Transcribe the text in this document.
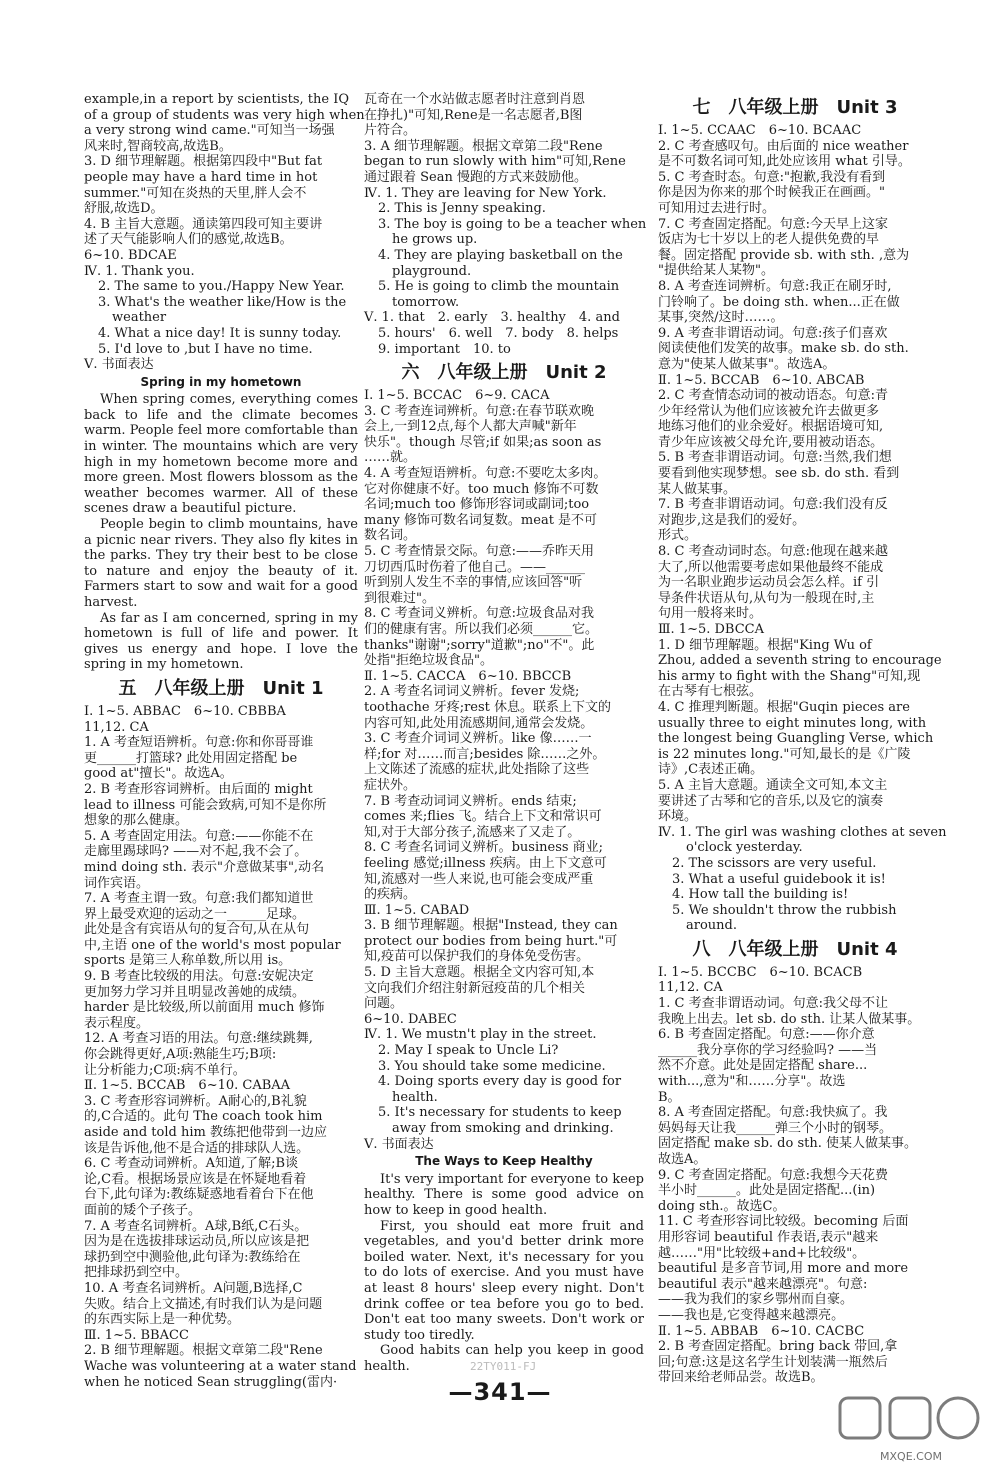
example,in a report by scientists, the IQ
of a group of students was very high when
a very strong wind came."可知当一场强
风来时,智商较高,故选B。
3. D 细节理解题。根据第四段中"But fat
people may have a hard time in hot
summer."可知在炎热的天里,胖人会不
舒服,故选D。
4. B 主旨大意题。通读第四段可知主要讲
述了天气能影响人们的感觉,故选B。
6~10. BDCAE
Ⅳ. 1. Thank you.
2. The same to you./Happy New Year.
3. What's the weather like/How is the
weather
4. What a nice day! It is sunny today.
5. I'd love to ,but I have no time.
Ⅴ. 书面表达
Spring in my hometown
When spring comes, everything comes back to life and the climate becomes warm. People feel more comfortable than in winter. The mountains which are very high in my hometown become more and more green. Most flowers blossom as the weather becomes warmer. All of these scenes draw a beautiful picture.
People begin to climb mountains, have a picnic near rivers. They also fly kites in the parks. They try their best to be close to nature and enjoy the beauty of it. Farmers start to sow and wait for a good harvest.
As far as I am concerned, spring in my hometown is full of life and power. It gives us energy and hope. I love the spring in my hometown.
五　八年级上册　Unit 1
Ⅰ. 1~5. ABBAC　6~10. CBBBA
11,12. CA
1. A 考查短语辨析。句意:你和你哥哥谁
更______打篮球? 此处用固定搭配 be
good at"擅长"。故选A。
2. B 考查形容词辨析。由后面的 might
lead to illness 可能会致病,可知不是你所
想象的那么健康。
5. A 考查固定用法。句意:——你能不在
走廊里踢球吗? ——对不起,我不会了。
mind doing sth. 表示"介意做某事",动名
词作宾语。
7. A 考查主谓一致。句意:我们都知道世
界上最受欢迎的运动之一______足球。
此处是含有宾语从句的复合句,从在从句
中,主语 one of the world's most popular
sports 是第三人称单数,所以用 is。
9. B 考查比较级的用法。句意:安妮决定
更加努力学习并且明显改善她的成绩。
harder 是比较级,所以前面用 much 修饰
表示程度。
12. A 考查习语的用法。句意:继续跳舞,
你会跳得更好,A项:熟能生巧;B项:
让分析能力;C项:病不单行。
Ⅱ. 1~5. BCCAB　6~10. CABAA
3. C 考查形容词辨析。A耐心的,B礼貌
的,C合适的。此句 The coach took him
aside and told him 教练把他带到一边应
该是告诉他,他不是合适的排球队人选。
6. C 考查动词辨析。A知道,了解;B谈
论,C看。根据场景应该是在怀疑地看着
台下,此句译为:教练疑惑地看着台下在他
面前的矮个子孩子。
7. A 考查名词辨析。A球,B纸,C石头。
因为是在选拔排球运动员,所以应该是把
球扔到空中测验他,此句译为:教练给在
把排球扔到空中。
10. A 考查名词辨析。A问题,B选择,C
失败。结合上文描述,有时我们认为是问题
的东西实际上是一种优势。
Ⅲ. 1~5. BBACC
2. B 细节理解题。根据文章第二段"Rene
Wache was volunteering at a water stand
when he noticed Sean struggling(雷内·
瓦奇在一个水站做志愿者时注意到肖恩
在挣扎)"可知,Rene是一名志愿者,B图
片符合。
3. A 细节理解题。根据文章第二段"Rene
began to run slowly with him"可知,Rene
通过跟着 Sean 慢跑的方式来鼓励他。
Ⅳ. 1. They are leaving for New York.
2. This is Jenny speaking.
3. The boy is going to be a teacher when
he grows up.
4. They are playing basketball on the
playground.
5. He is going to climb the mountain
tomorrow.
Ⅴ. 1. that　2. early　3. healthy　4. and
5. hours'　6. well　7. body　8. helps
9. important　10. to
六　八年级上册　Unit 2
Ⅰ. 1~5. BCCAC　6~9. CACA
3. C 考查连词辨析。句意:在春节联欢晚
会上,一到12点,每个人都大声喊"新年
快乐"。though 尽管;if 如果;as soon as
……就。
4. A 考查短语辨析。句意:不要吃太多肉。
它对你健康不好。too much 修饰不可数
名词;much too 修饰形容词或副词;too
many 修饰可数名词复数。meat 是不可
数名词。
5. C 考查情景交际。句意:——乔昨天用
刀切西瓜时伤着了他自己。——______
听到别人发生不幸的事情,应该回答"听
到很难过"。
8. C 考查词义辨析。句意:垃圾食品对我
们的健康有害。所以我们必须______它。
thanks"谢谢";sorry"道歉";no"不"。此
处指"拒绝垃圾食品"。
Ⅱ. 1~5. CACCA　6~10. BBCCB
2. A 考查名词词义辨析。fever 发烧;
toothache 牙疼;rest 休息。联系上下文的
内容可知,此处用流感期间,通常会发烧。
3. C 考查介词词义辨析。like 像……一
样;for 对……而言;besides 除……之外。
上文陈述了流感的症状,此处指除了这些
症状外。
7. B 考查动词词义辨析。ends 结束;
comes 来;flies 飞。结合上下文和常识可
知,对于大部分孩子,流感来了又走了。
8. C 考查名词词义辨析。business 商业;
feeling 感觉;illness 疾病。由上下文意可
知,流感对一些人来说,也可能会变成严重
的疾病。
Ⅲ. 1~5. CABAD
3. B 细节理解题。根据"Instead, they can
protect our bodies from being hurt."可
知,疫苗可以保护我们的身体免受伤害。
5. D 主旨大意题。根据全文内容可知,本
文向我们介绍注射新冠疫苗的几个相关
问题。
6~10. DABEC
Ⅳ. 1. We mustn't play in the street.
2. May I speak to Uncle Li?
3. You should take some medicine.
4. Doing sports every day is good for
health.
5. It's necessary for students to keep
away from smoking and drinking.
Ⅴ. 书面表达
The Ways to Keep Healthy
It's very important for everyone to keep healthy. There is some good advice on how to keep in good health.
First, you should eat more fruit and vegetables, and you'd better drink more boiled water. Next, it's necessary for you to do lots of exercise. And you must have at least 8 hours' sleep every night. Don't drink coffee or tea before you go to bed. Don't eat too many sweets. Don't work or study too tiredly.
Good habits can help you keep in good health.
七　八年级上册　Unit 3
Ⅰ. 1~5. CCAAC　6~10. BCAAC
2. C 考查感叹句。由后面的 nice weather
是不可数名词可知,此处应该用 what 引导。
5. C 考查时态。句意:"抱歉,我没有看到
你是因为你来的那个时候我正在画画。"
可知用过去进行时。
7. C 考查固定搭配。句意:今天早上这家
饭店为七十岁以上的老人提供免费的早
餐。固定搭配 provide sb. with sth. ,意为
"提供给某人某物"。
8. A 考查连词辨析。句意:我正在刷牙时,
门铃响了。be doing sth. when...正在做
某事,突然/这时……。
9. A 考查非谓语动词。句意:孩子们喜欢
阅读使他们发笑的故事。make sb. do sth.
意为"使某人做某事"。故选A。
Ⅱ. 1~5. BCCAB　6~10. ABCAB
2. C 考查情态动词的被动语态。句意:青
少年经常认为他们应该被允许去做更多
地练习他们的业余爱好。根据语境可知,
青少年应该被父母允许,要用被动语态。
5. B 考查非谓语动词。句意:当然,我们想
要看到他实现梦想。see sb. do sth. 看到
某人做某事。
7. B 考查非谓语动词。句意:我们没有反
对跑步,这是我们的爱好。
形式。
8. C 考查动词时态。句意:他现在越来越
大了,所以他需要考虑如果他最终不能成
为一名职业跑步运动员会怎么样。if 引
导条件状语从句,从句为一般现在时,主
句用一般将来时。
Ⅲ. 1~5. DBCCA
1. D 细节理解题。根据"King Wu of
Zhou, added a seventh string to encourage
his army to fight with the Shang"可知,现
在古琴有七根弦。
4. C 推理判断题。根据"Guqin pieces are
usually three to eight minutes long, with
the longest being Guangling Verse, which
is 22 minutes long."可知,最长的是《广陵
诗》,C表述正确。
5. A 主旨大意题。通读全文可知,本文主
要讲述了古琴和它的音乐,以及它的演奏
环境。
Ⅳ. 1. The girl was washing clothes at seven
o'clock yesterday.
2. The scissors are very useful.
3. What a useful guidebook it is!
4. How tall the building is!
5. We shouldn't throw the rubbish
around.
八　八年级上册　Unit 4
Ⅰ. 1~5. BCCBC　6~10. BCACB
11,12. CA
1. C 考查非谓语动词。句意:我父母不让
我晚上出去。let sb. do sth. 让某人做某事。
6. B 考查固定搭配。句意:——你介意
______我分享你的学习经验吗? ——当
然不介意。此处是固定搭配 share...
with...,意为"和……分享"。故选
B。
8. A 考查固定搭配。句意:我快疯了。我
妈妈每天让我______弹三个小时的钢琴。
固定搭配 make sb. do sth. 使某人做某事。
故选A。
9. C 考查固定搭配。句意:我想今天花费
半小时______。此处是固定搭配...(in)
doing sth.。故选C。
11. C 考查形容词比较级。becoming 后面
用形容词 beautiful 作表语,表示"越来
越……"用"比较级+and+比较级"。
beautiful 是多音节词,用 more and more
beautiful 表示"越来越漂亮"。句意:
——我为我们的家乡鄂州而自豪。
——我也是,它变得越来越漂亮。
Ⅱ. 1~5. ABBAB　6~10. CACBC
2. B 考查固定搭配。bring back 带回,拿
回;句意:这是这名学生计划装满一瓶然后
带回来给老师品尝。故选B。
22TY011-FJ
—341—
MXQE.COM
